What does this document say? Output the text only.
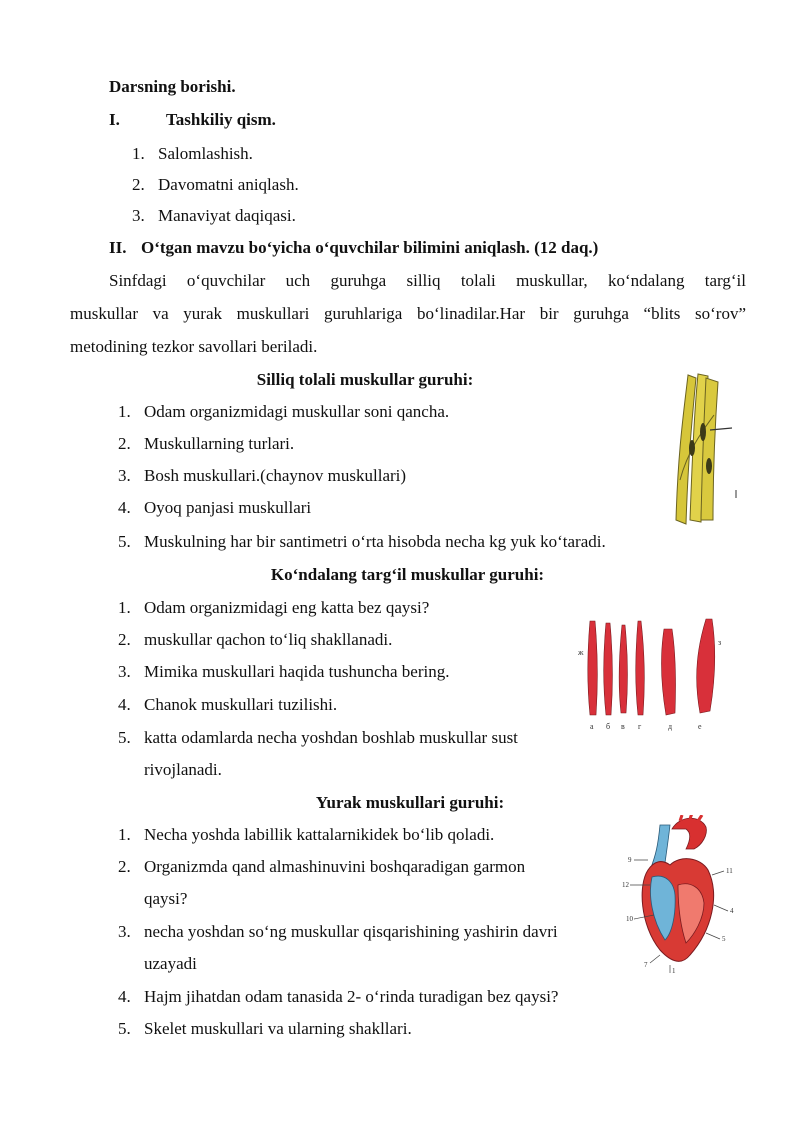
Darsning borishi.
I.	Tashkiliy qism.
1. Salomlashish.
2. Davomatni aniqlash.
3. Manaviyat daqiqasi.
II. O‘tgan mavzu bo‘yicha o‘quvchilar bilimini aniqlash. (12 daq.)
Sinfdagi o‘quvchilar uch guruhga silliq tolali muskullar, ko‘ndalang targ‘il
muskullar va yurak muskullari guruhlariga bo‘linadilar.Har bir guruhga “blits so‘rov”
metodining tezkor savollari beriladi.
Silliq tolali muskullar guruhi:
1. Odam organizmidagi muskullar soni qancha.
2. Muskullarning turlari.
3. Bosh muskullari.(chaynov muskullari)
4. Oyoq panjasi muskullari
5. Muskulning har bir santimetri o‘rta hisobda necha kg yuk ko‘taradi.
Ko‘ndalang targ‘il muskullar guruhi:
1. Odam organizmidagi eng katta bez qaysi?
2. muskullar qachon to‘liq shakllanadi.
3. Mimika muskullari haqida tushuncha bering.
4. Chanok muskullari tuzilishi.
5. katta odamlarda necha yoshdan boshlab muskullar sust
rivojlanadi.
а б в г	д	е
ж
з
Yurak muskullari guruhi:
1. Necha yoshda labillik kattalarnikidek bo‘lib qoladi.
2. Organizmda qand almashinuvini boshqaradigan garmon
qaysi?
3. necha yoshdan so‘ng muskullar qisqarishining yashirin davri
uzayadi
4. Hajm jihatdan odam tanasida 2- o‘rinda turadigan bez qaysi?
5. Skelet muskullari va ularning shakllari.
9
12
10
11
4
5
7
1
